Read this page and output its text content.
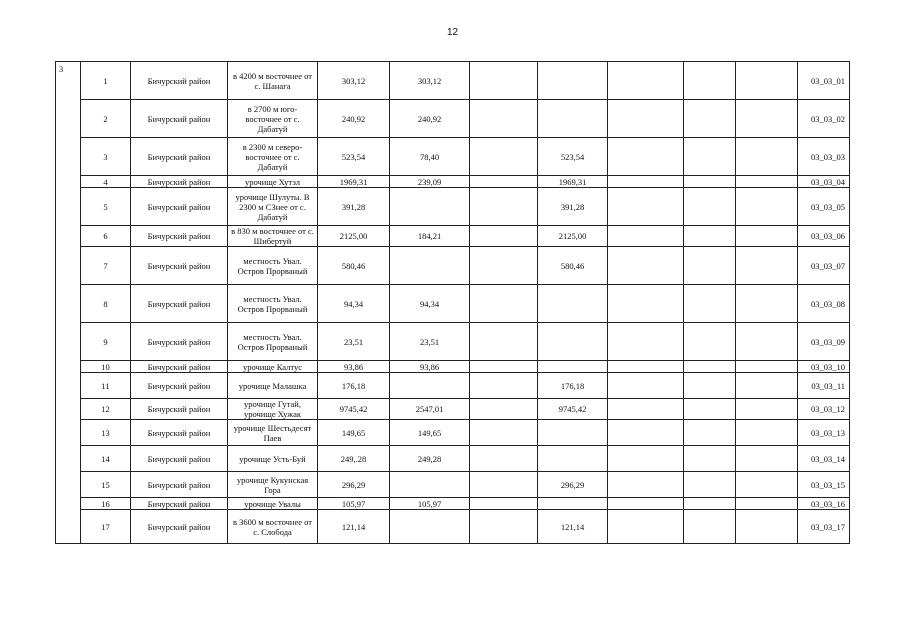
12
3	1	Бичурский район	в 4200 м восточнее от с. Шанага	303,12	303,12						03_03_01
	2	Бичурский район	в 2700 м юго-восточнее от с. Дабатуй	240,92	240,92						03_03_02
	3	Бичурский район	в 2300 м северо-восточнее от с. Дабатуй	523,54	78,40		523,54				03_03_03
	4	Бичурский район	урочище Хутэл	1969,31	239,09		1969,31				03_03_04
	5	Бичурский район	урочище Шулуты. В 2300 м СЗнее от с. Дабатуй	391,28			391,28				03_03_05
	6	Бичурский район	в 830 м восточнее от с. Шибертуй	2125,00	184,21		2125,00				03_03_06
	7	Бичурский район	местность Увал. Остров Прорваный	580,46			580,46				03_03_07
	8	Бичурский район	местность Увал. Остров Прорваный	94,34	94,34						03_03_08
	9	Бичурский район	местность Увал. Остров Прорваный	23,51	23,51						03_03_09
	10	Бичурский район	урочище Калтус	93,86	93,86						03_03_10
	11	Бичурский район	урочище Малашка	176,18			176,18				03_03_11
	12	Бичурский район	урочище Гутай, урочище Хужак	9745,42	2547,01		9745,42				03_03_12
	13	Бичурский район	урочище Шестьдесят Паев	149,65	149,65						03_03_13
	14	Бичурский район	урочище Усть-Буй	249,.28	249,28						03_03_14
	15	Бичурский район	урочище Кукунская Гора	296,29			296,29				03_03_15
	16	Бичурский район	урочище Увалы	105,97	105,97						03_03_16
	17	Бичурский район	в 3600 м восточнее от с. Слобода	121,14			121,14				03_03_17
